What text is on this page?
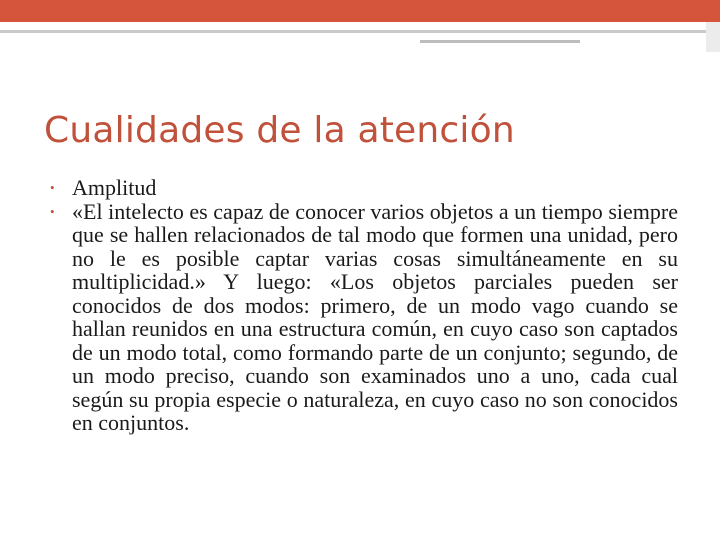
Cualidades de la atención
• Amplitud
• «El intelecto es capaz de conocer varios objetos a un tiempo siempre que se hallen relacionados de tal modo que formen una unidad, pero no le es posible captar varias cosas simultáneamente en su multiplicidad.» Y luego: «Los objetos parciales pueden ser conocidos de dos modos: primero, de un modo vago cuando se hallan reunidos en una estructura común, en cuyo caso son captados de un modo total, como formando parte de un conjunto; segundo, de un modo preciso, cuando son examinados uno a uno, cada cual según su propia especie o naturaleza, en cuyo caso no son conocidos en conjuntos.
